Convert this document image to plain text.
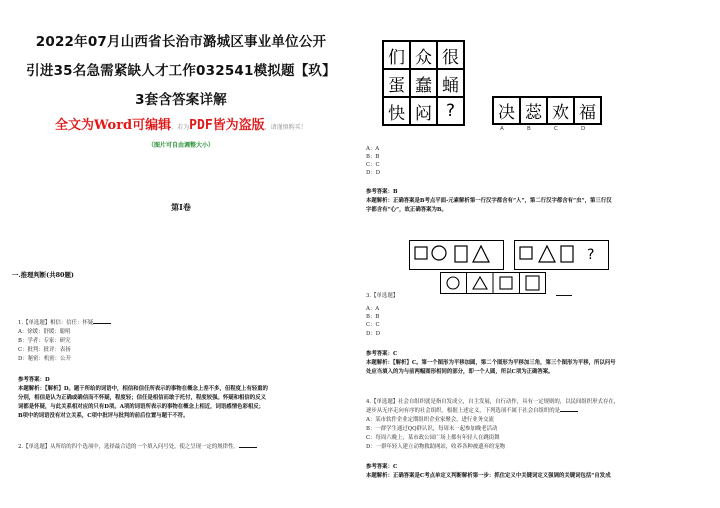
2022年07月山西省长治市潞城区事业单位公开
引进35名急需紧缺人才工作032541模拟题【玖】
3套含答案详解
全文为Word可编辑，若为PDF皆为盗版，请谨慎购买！
（图片可自由调整大小）
第I卷
一.推理判断(共80题)
1.【单选题】相信：信任：怀疑
A：徐缓：舒缓：聪明
B：学者：专家：研究
C：批判：批评：表扬
D：秘密：机密：公开
参考答案：D
本题解析：【解析】D。题干所给的词语中，相信和信任所表示的事物在概念上差不多，但程度上有轻重的
分别，相信是认为正确或确信而不怀疑，程度轻；信任是相信而敢于托付，程度较强。怀疑和相信的反义
词都是怀疑，与此关系相对应的只有D项。A项的词语所表示的事物在概念上相近，词语感情色彩相反；
B项中的词语没有对立关系，C项中批评与批判的前后位置与题干不符。
2.【单选题】从所给的四个选项中，选择最合适的一个填入问号处，使之呈现一定的规律性。
们 众 很
蛋 蠢 蛹
快 闷 ?	决 蕊 欢 福
A	B	C	D
A：A
B：B
C：C
D：D
参考答案：B
本题解析：正确答案是B考点平面-元素解析第一行汉字都含有“人”，第二行汉字都含有“虫”，第三行汉
字都含有“心”，故正确答案为B。
?
3.【单选题】
A：A
B：B
C：C
D：D
参考答案：C
本题解析：【解析】C。第一个图形为平移加圆，第二个图形为平移加三角，第三个图形为平移，所以问号
处应当填入的为与前两幅图形相同的部分，即一个人圆，所以C项为正确答案。
4.【单选题】社会自组织就是指自发成立，自主发展，自行动作，具有一定规则的，以民间组织形式存在，
逐步从无序走向有序的社会组织。根据上述定义，下列选项不属于社会自组织的是
A：某市软件企业定期组织企业家聚会，进行业务交流
B：一群学生通过QQ群认识，每周末一起参加晚老活动
C：每周六晚上，某市政公园广场上都有年轻人在跳街舞
D：一群年轻人建立动物救助网站，收养各种被遗弃的宠物
参考答案：C
本题解析：正确答案是C考点单定义判断解析第一步：抓住定义中关键词定义强调的关键词包括“自发成
